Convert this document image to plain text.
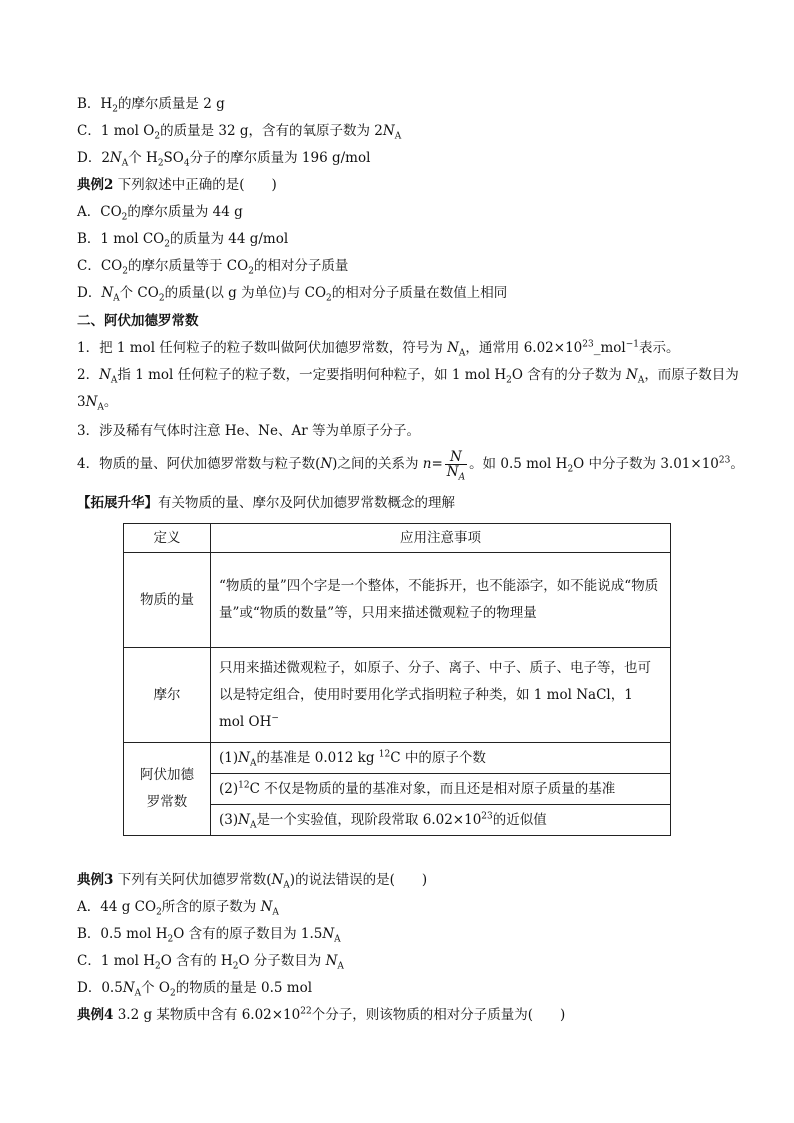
B．$H_2$的摩尔质量是 2 g
C．1 mol $O_2$的质量是 32 g，含有的氧原子数为 $2N_A$
D．$2N_A$个 $H_2SO_4$分子的摩尔质量为 196 g/mol
典例2 下列叙述中正确的是(　　)
A．$CO_2$的摩尔质量为 44 g
B．1 mol $CO_2$的质量为 44 g/mol
C．$CO_2$的摩尔质量等于 $CO_2$的相对分子质量
D．$N_A$个 $CO_2$的质量(以 g 为单位)与 $CO_2$的相对分子质量在数值上相同
二、阿伏加德罗常数
1．把 1 mol 任何粒子的粒子数叫做阿伏加德罗常数，符号为 $N_A$，通常用 $6.02\times 10^{23}\_mol^{-1}$表示。
2．$N_A$指 1 mol 任何粒子的粒子数，一定要指明何种粒子，如 1 mol $H_2O$ 含有的分子数为 $N_A$，而原子数目为
$3N_A$。
3．涉及稀有气体时注意 He、Ne、Ar 等为单原子分子。
4．物质的量、阿伏加德罗常数与粒子数(N)之间的关系为 $n= \frac{N}{N_A}$ 。如 0.5 mol $H_2O$ 中分子数为 $3.01\times 10^{23}$。
【拓展升华】有关物质的量、摩尔及阿伏加德罗常数概念的理解
定义	应用注意事项
物质的量	“物质的量”四个字是一个整体，不能拆开，也不能添字，如不能说成“物质量”或“物质的数量”等，只用来描述微观粒子的物理量
摩尔	只用来描述微观粒子，如原子、分子、离子、中子、质子、电子等，也可以是特定组合，使用时要用化学式指明粒子种类，如 1 mol NaCl，1 mol OH−
阿伏加德罗常数	$(1)N_A$的基准是 0.012 kg $^{12}$C 中的原子个数
	$(2)^{12}C$ 不仅是物质的量的基准对象，而且还是相对原子质量的基准
	$(3)N_A$是一个实验值，现阶段常取 $6.02\times 10^{23}$的近似值
典例3 下列有关阿伏加德罗常数$(N_A)$的说法错误的是(　　)
A．44 g $CO_2$所含的原子数为 $N_A$
B．0.5 mol $H_2O$ 含有的原子数目为 $1.5N_A$
C．1 mol $H_2O$ 含有的 $H_2O$ 分子数目为 $N_A$
D．$0.5N_A$个 $O_2$的物质的量是 0.5 mol
典例4 3.2 g 某物质中含有 $6.02\times 10^{22}$个分子，则该物质的相对分子质量为(　　)
